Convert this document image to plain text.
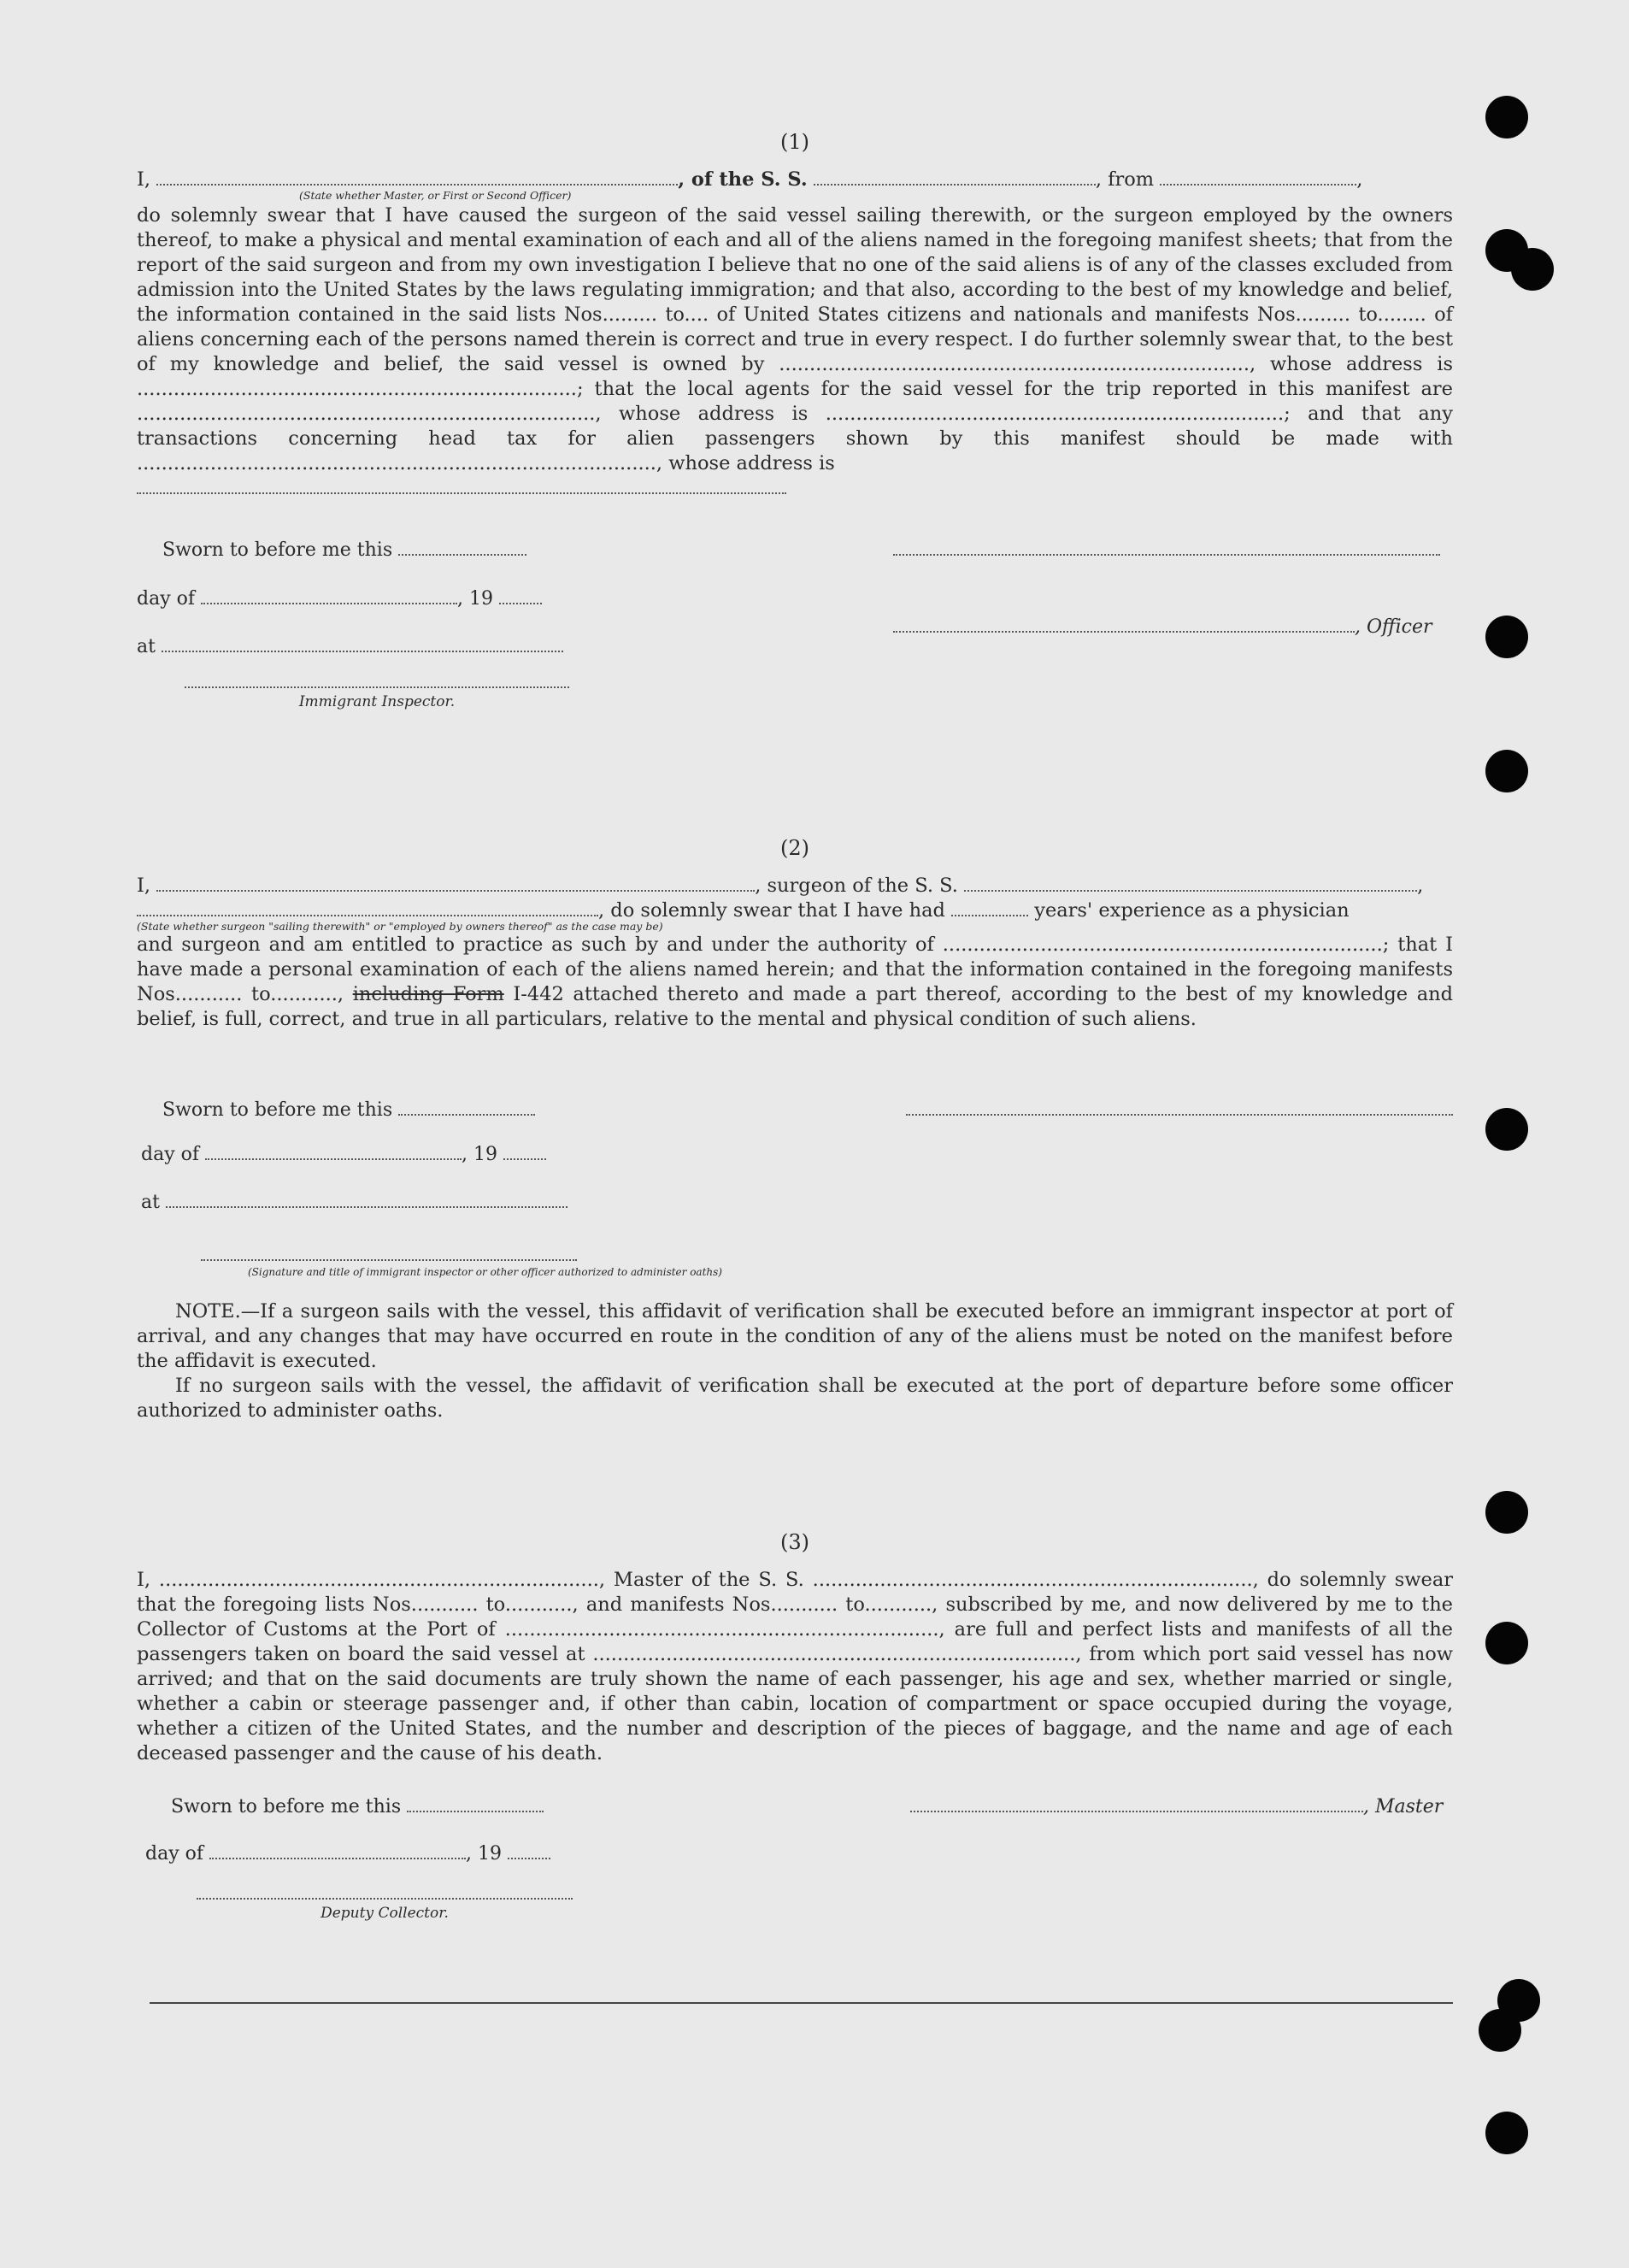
(1)
I,	, of the S. S.	, from	,
(State whether Master, or First or Second Officer)

do solemnly swear that I have caused the surgeon of the said vessel sailing therewith, or the surgeon employed by the owners thereof, to make a physical and mental examination of each and all of the aliens named in the foregoing manifest sheets; that from the report of the said surgeon and from my own investigation I believe that no one of the said aliens is of any of the classes excluded from admission into the United States by the laws regulating immigration; and that also, according to the best of my knowledge and belief, the information contained in the said lists Nos......... to.... of United States citizens and nationals and manifests Nos......... to........ of aliens concerning each of the persons named therein is correct and true in every respect. I do further solemnly swear that, to the best of my knowledge and belief, the said vessel is owned by ............................................................................., whose address is ........................................................................; that the local agents for the said vessel for the trip reported in this manifest are ..........................................................................., whose address is ...........................................................................; and that any transactions concerning head tax for alien passengers shown by this manifest should be made with ....................................................................................., whose address is

Sworn to before me this
day of	, 19
at
Immigrant Inspector.
, Officer
(2)
I,	, surgeon of the S. S.	,
, do solemnly swear that I have had	years' experience as a physician
(State whether surgeon "sailing therewith" or "employed by owners thereof" as the case may be)

and surgeon and am entitled to practice as such by and under the authority of ........................................................................; that I have made a personal examination of each of the aliens named herein; and that the information contained in the foregoing manifests Nos........... to..........., including Form I-442 attached thereto and made a part thereof, according to the best of my knowledge and belief, is full, correct, and true in all particulars, relative to the mental and physical condition of such aliens.

Sworn to before me this
day of	, 19
at
(Signature and title of immigrant inspector or other officer authorized to administer oaths)

NOTE.—If a surgeon sails with the vessel, this affidavit of verification shall be executed before an immigrant inspector at port of arrival, and any changes that may have occurred en route in the condition of any of the aliens must be noted on the manifest before the affidavit is executed.

If no surgeon sails with the vessel, the affidavit of verification shall be executed at the port of departure before some officer authorized to administer oaths.

(3)

I, ........................................................................, Master of the S. S. ........................................................................, do solemnly swear that the foregoing lists Nos........... to..........., and manifests Nos........... to..........., subscribed by me, and now delivered by me to the Collector of Customs at the Port of ......................................................................., are full and perfect lists and manifests of all the passengers taken on board the said vessel at ..............................................................................., from which port said vessel has now arrived; and that on the said documents are truly shown the name of each passenger, his age and sex, whether married or single, whether a cabin or steerage passenger and, if other than cabin, location of compartment or space occupied during the voyage, whether a citizen of the United States, and the number and description of the pieces of baggage, and the name and age of each deceased passenger and the cause of his death.

Sworn to before me this
day of	, 19
Deputy Collector.
, Master
